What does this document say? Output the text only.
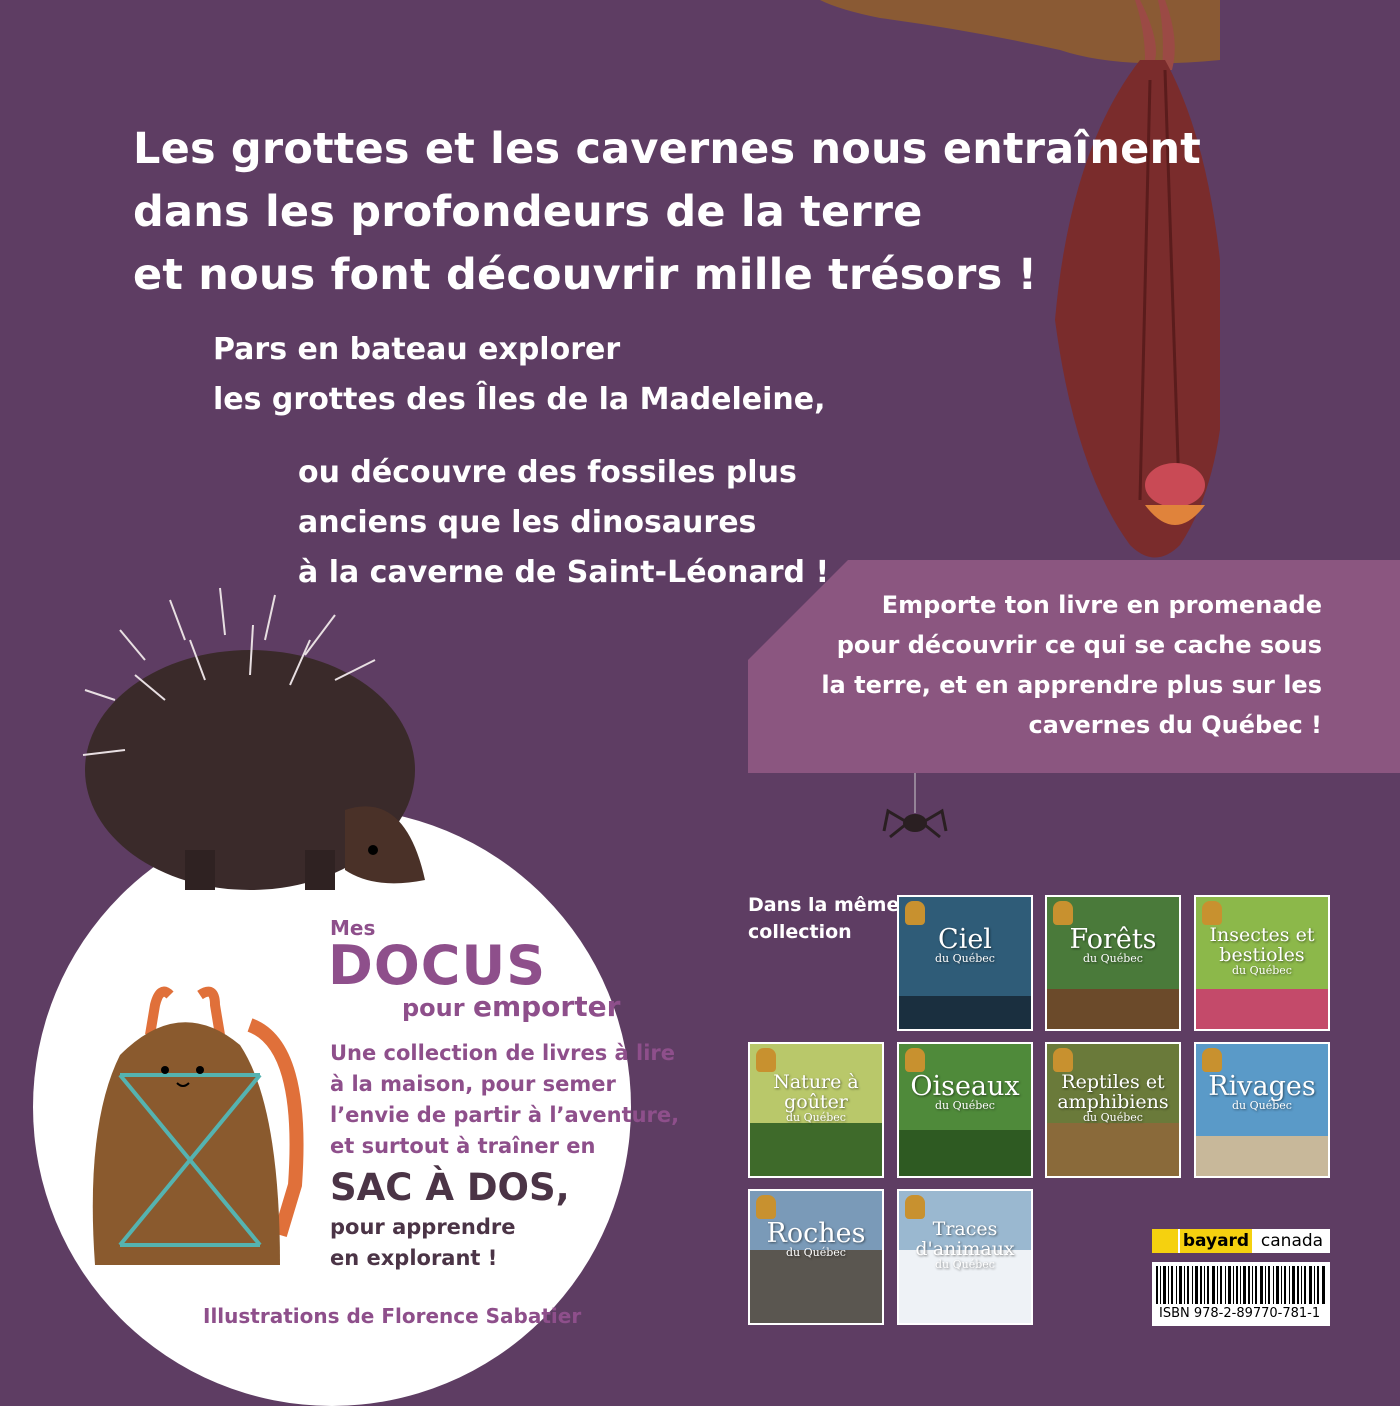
Les grottes et les cavernes nous entraînent
dans les profondeurs de la terre
et nous font découvrir mille trésors !
Pars en bateau explorer
les grottes des Îles de la Madeleine,
ou découvre des fossiles plus
anciens que les dinosaures
à la caverne de Saint-Léonard !
Emporte ton livre en promenade
pour découvrir ce qui se cache sous
la terre, et en apprendre plus sur les
cavernes du Québec !
Mes
DOCUS
pour emporter
Une collection de livres à lire
à la maison, pour semer
l’envie de partir à l’aventure,
et surtout à traîner en
SAC À DOS,
pour apprendre
en explorant !
Illustrations de Florence Sabatier
Dans la même
collection	Ciel
du Québec
Forêts
du Québec
Insectes et bestioles
du Québec
Nature à goûter
du Québec
Oiseaux
du Québec
Reptiles et amphibiens
du Québec
Rivages
du Québec
Roches
du Québec
Traces d'animaux
du Québec
bayard canada
ISBN 978-2-89770-781-1
